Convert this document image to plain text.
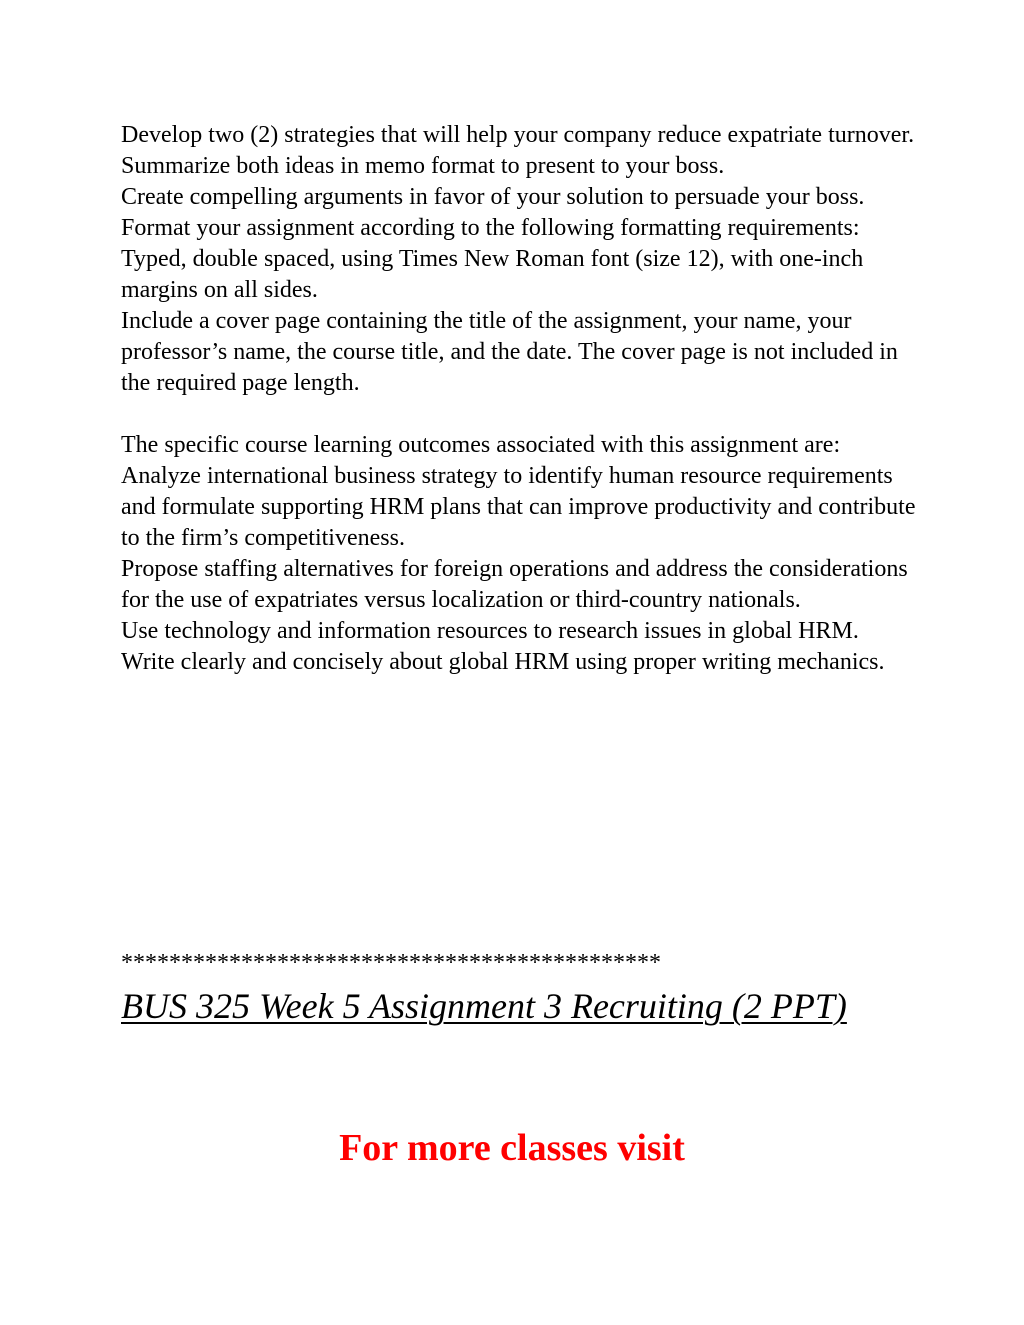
Develop two (2) strategies that will help your company reduce expatriate turnover.

Summarize both ideas in memo format to present to your boss.

Create compelling arguments in favor of your solution to persuade your boss.

Format your assignment according to the following formatting requirements:

Typed, double spaced, using Times New Roman font (size 12), with one-inch margins on all sides.

Include a cover page containing the title of the assignment, your name, your professor’s name, the course title, and the date. The cover page is not included in the required page length.

The specific course learning outcomes associated with this assignment are:

Analyze international business strategy to identify human resource requirements and formulate supporting HRM plans that can improve productivity and contribute to the firm’s competitiveness.

Propose staffing alternatives for foreign operations and address the considerations for the use of expatriates versus localization or third-country nationals.

Use technology and information resources to research issues in global HRM.

Write clearly and concisely about global HRM using proper writing mechanics.

*********************************************
BUS 325 Week 5 Assignment 3 Recruiting (2 PPT)
For more classes visit
